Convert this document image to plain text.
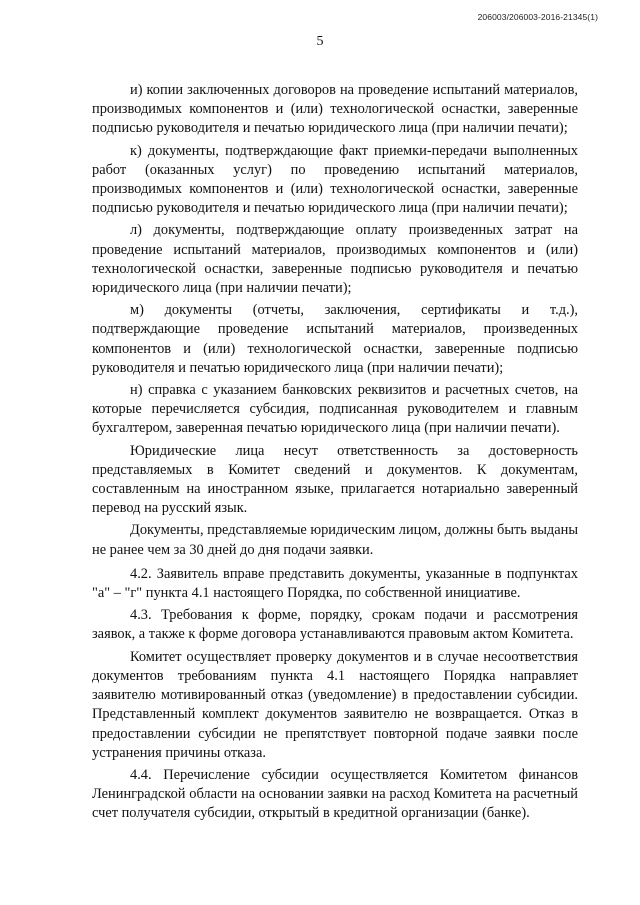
206003/206003-2016-21345(1)
5

и) копии заключенных договоров на проведение испытаний материалов, производимых компонентов и (или) технологической оснастки, заверенные подписью руководителя и печатью юридического лица (при наличии печати);

к) документы, подтверждающие факт приемки-передачи выполненных работ (оказанных услуг) по проведению испытаний материалов, производимых компонентов и (или) технологической оснастки, заверенные подписью руководителя и печатью юридического лица (при наличии печати);

л) документы, подтверждающие оплату произведенных затрат на проведение испытаний материалов, производимых компонентов и (или) технологической оснастки, заверенные подписью руководителя и печатью юридического лица (при наличии печати);

м) документы (отчеты, заключения, сертификаты и т.д.), подтверждающие проведение испытаний материалов, произведенных компонентов и (или) технологической оснастки, заверенные подписью руководителя и печатью юридического лица (при наличии печати);

н) справка с указанием банковских реквизитов и расчетных счетов, на которые перечисляется субсидия, подписанная руководителем и главным бухгалтером, заверенная печатью юридического лица (при наличии печати).

Юридические лица несут ответственность за достоверность представляемых в Комитет сведений и документов. К документам, составленным на иностранном языке, прилагается нотариально заверенный перевод на русский язык.

Документы, представляемые юридическим лицом, должны быть выданы не ранее чем за 30 дней до дня подачи заявки.

4.2. Заявитель вправе представить документы, указанные в подпунктах "а" – "г" пункта 4.1 настоящего Порядка, по собственной инициативе.

4.3. Требования к форме, порядку, срокам подачи и рассмотрения заявок, а также к форме договора устанавливаются правовым актом Комитета.

Комитет осуществляет проверку документов и в случае несоответствия документов требованиям пункта 4.1 настоящего Порядка направляет заявителю мотивированный отказ (уведомление) в предоставлении субсидии. Представленный комплект документов заявителю не возвращается. Отказ в предоставлении субсидии не препятствует повторной подаче заявки после устранения причины отказа.

4.4. Перечисление субсидии осуществляется Комитетом финансов Ленинградской области на основании заявки на расход Комитета на расчетный счет получателя субсидии, открытый в кредитной организации (банке).
